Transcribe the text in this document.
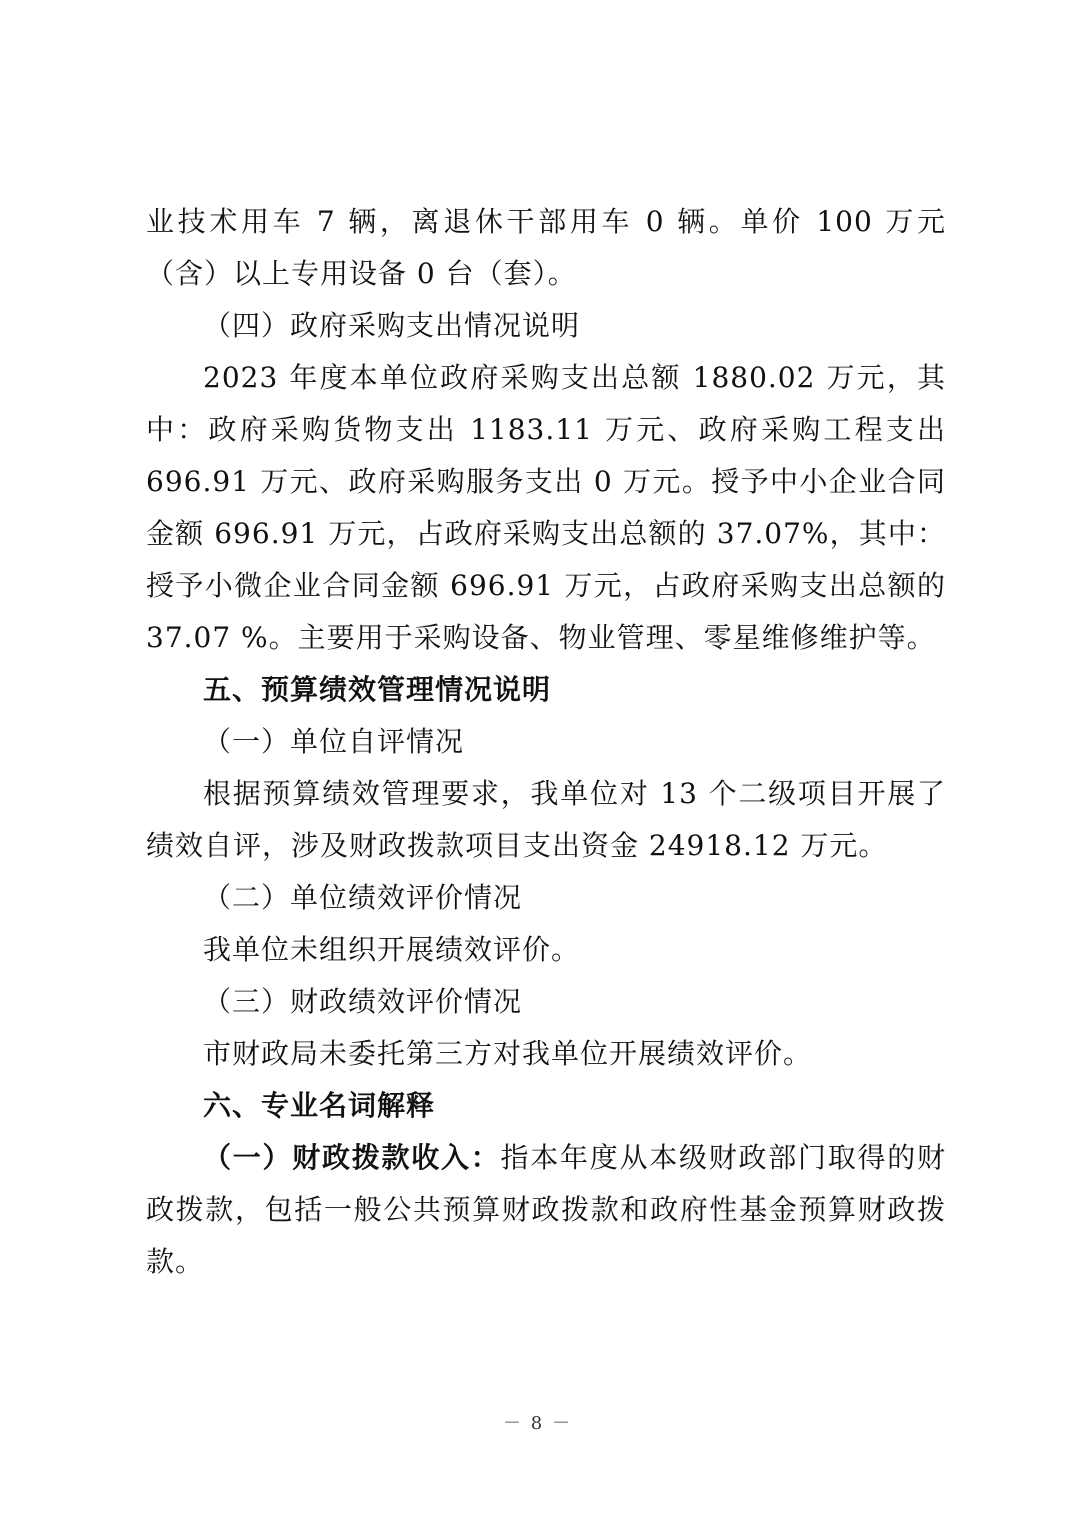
业技术用车 7 辆，离退休干部用车 0 辆。单价 100 万元（含）以上专用设备 0 台（套）。

（四）政府采购支出情况说明

2023 年度本单位政府采购支出总额 1880.02 万元，其中：政府采购货物支出 1183.11 万元、政府采购工程支出 696.91 万元、政府采购服务支出 0 万元。授予中小企业合同金额 696.91 万元，占政府采购支出总额的 37.07%，其中：授予小微企业合同金额 696.91 万元，占政府采购支出总额的 37.07 %。主要用于采购设备、物业管理、零星维修维护等。

五、预算绩效管理情况说明

（一）单位自评情况

根据预算绩效管理要求，我单位对 13 个二级项目开展了绩效自评，涉及财政拨款项目支出资金 24918.12 万元。

（二）单位绩效评价情况

我单位未组织开展绩效评价。

（三）财政绩效评价情况

市财政局未委托第三方对我单位开展绩效评价。

六、专业名词解释

（一）财政拨款收入：指本年度从本级财政部门取得的财政拨款，包括一般公共预算财政拨款和政府性基金预算财政拨款。

－ 8 －
